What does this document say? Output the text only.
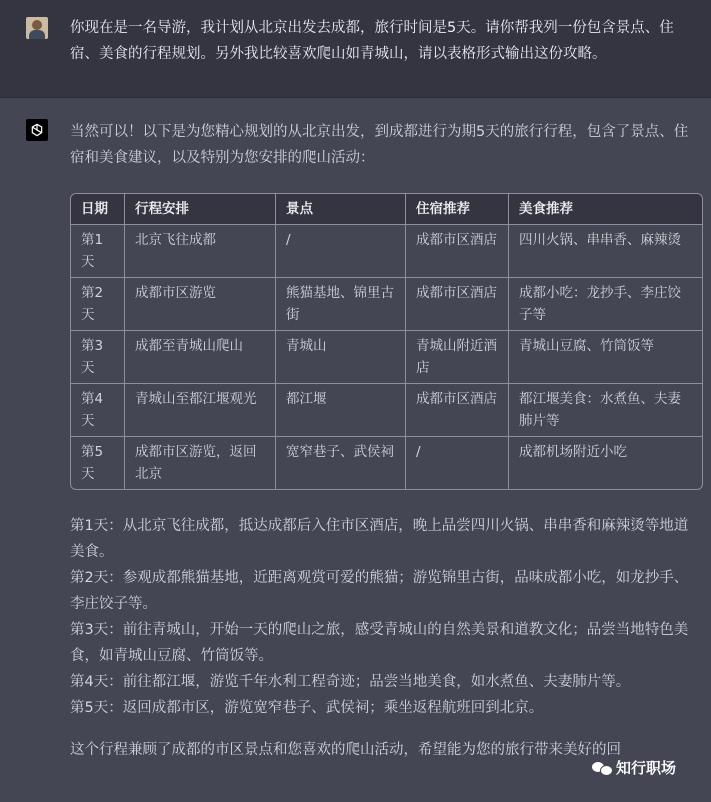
你现在是一名导游，我计划从北京出发去成都，旅行时间是5天。请你帮我列一份包含景点、住宿、美食的行程规划。另外我比较喜欢爬山如青城山，请以表格形式输出这份攻略。

当然可以！以下是为您精心规划的从北京出发，到成都进行为期5天的旅行行程，包含了景点、住宿和美食建议，以及特别为您安排的爬山活动：

日期	行程安排	景点	住宿推荐	美食推荐
第1天	北京飞往成都	/	成都市区酒店	四川火锅、串串香、麻辣烫
第2天	成都市区游览	熊猫基地、锦里古街	成都市区酒店	成都小吃：龙抄手、李庄饺子等
第3天	成都至青城山爬山	青城山	青城山附近酒店	青城山豆腐、竹筒饭等
第4天	青城山至都江堰观光	都江堰	成都市区酒店	都江堰美食：水煮鱼、夫妻肺片等
第5天	成都市区游览，返回北京	宽窄巷子、武侯祠	/	成都机场附近小吃

第1天：从北京飞往成都，抵达成都后入住市区酒店，晚上品尝四川火锅、串串香和麻辣烫等地道美食。

第2天：参观成都熊猫基地，近距离观赏可爱的熊猫；游览锦里古街，品味成都小吃，如龙抄手、李庄饺子等。

第3天：前往青城山，开始一天的爬山之旅，感受青城山的自然美景和道教文化；品尝当地特色美食，如青城山豆腐、竹筒饭等。

第4天：前往都江堰，游览千年水利工程奇迹；品尝当地美食，如水煮鱼、夫妻肺片等。

第5天：返回成都市区，游览宽窄巷子、武侯祠；乘坐返程航班回到北京。

这个行程兼顾了成都的市区景点和您喜欢的爬山活动，希望能为您的旅行带来美好的回

知行职场
